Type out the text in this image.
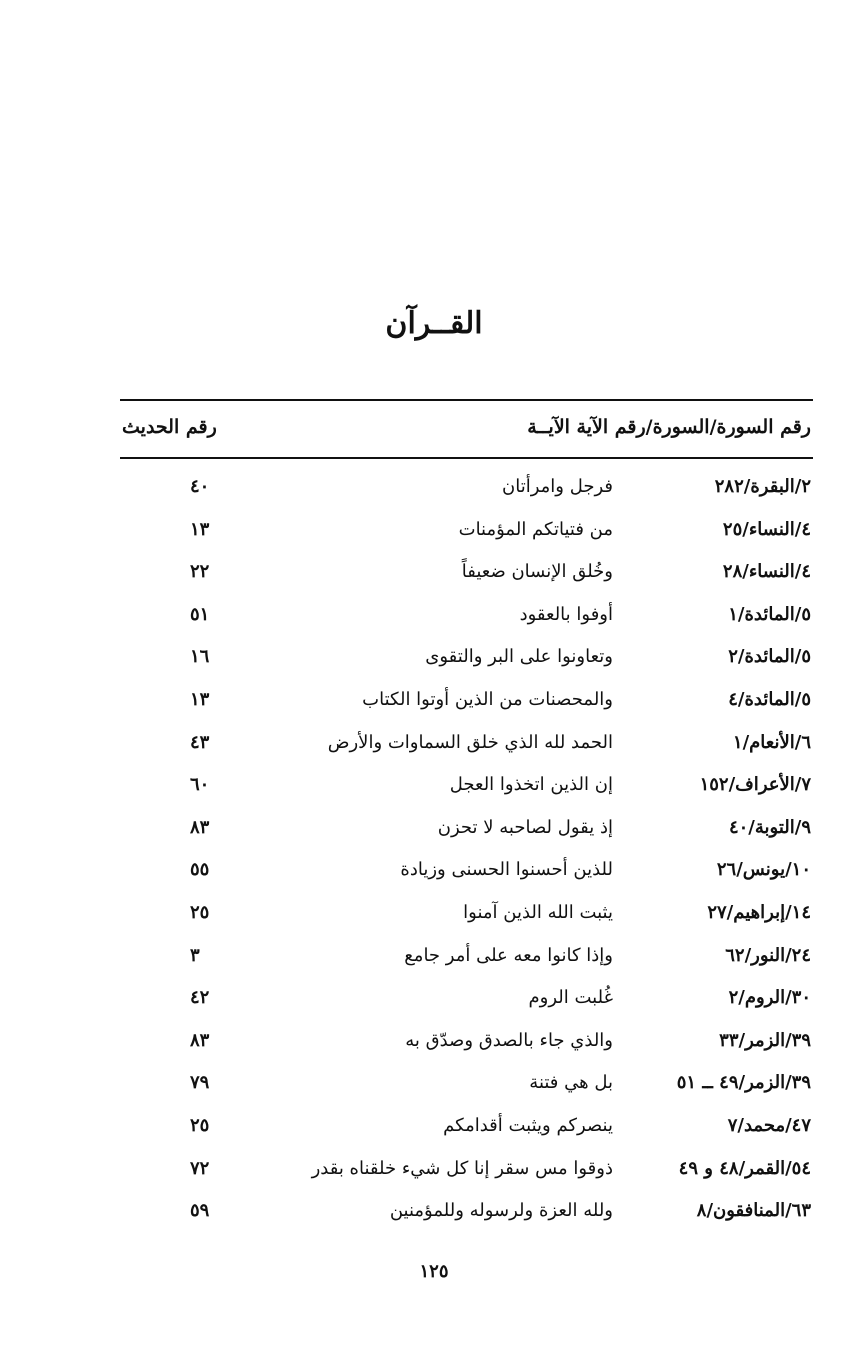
القــرآن
رقم السورة/السورة/رقم الآية الآيــة
رقم الحديث
٢/البقرة/٢٨٢
فرجل وامرأتان
٤٠
٤/النساء/٢٥
من فتياتكم المؤمنات
١٣
٤/النساء/٢٨
وخُلق الإنسان ضعيفاً
٢٢
٥/المائدة/١
أوفوا بالعقود
٥١
٥/المائدة/٢
وتعاونوا على البر والتقوى
١٦
٥/المائدة/٤
والمحصنات من الذين أوتوا الكتاب
١٣
٦/الأنعام/١
الحمد لله الذي خلق السماوات والأرض
٤٣
٧/الأعراف/١٥٢
إن الذين اتخذوا العجل
٦٠
٩/التوبة/٤٠
إذ يقول لصاحبه لا تحزن
٨٣
١٠/يونس/٢٦
للذين أحسنوا الحسنى وزيادة
٥٥
١٤/إبراهيم/٢٧
يثبت الله الذين آمنوا
٢٥
٢٤/النور/٦٢
وإذا كانوا معه على أمر جامع
٣
٣٠/الروم/٢
غُلبت الروم
٤٢
٣٩/الزمر/٣٣
والذي جاء بالصدق وصدّق به
٨٣
٣٩/الزمر/٤٩ ــ ٥١
بل هي فتنة
٧٩
٤٧/محمد/٧
ينصركم ويثبت أقدامكم
٢٥
٥٤/القمر/٤٨ و ٤٩
ذوقوا مس سقر إنا كل شيء خلقناه بقدر
٧٢
٦٣/المنافقون/٨
ولله العزة ولرسوله وللمؤمنين
٥٩
١٢٥
